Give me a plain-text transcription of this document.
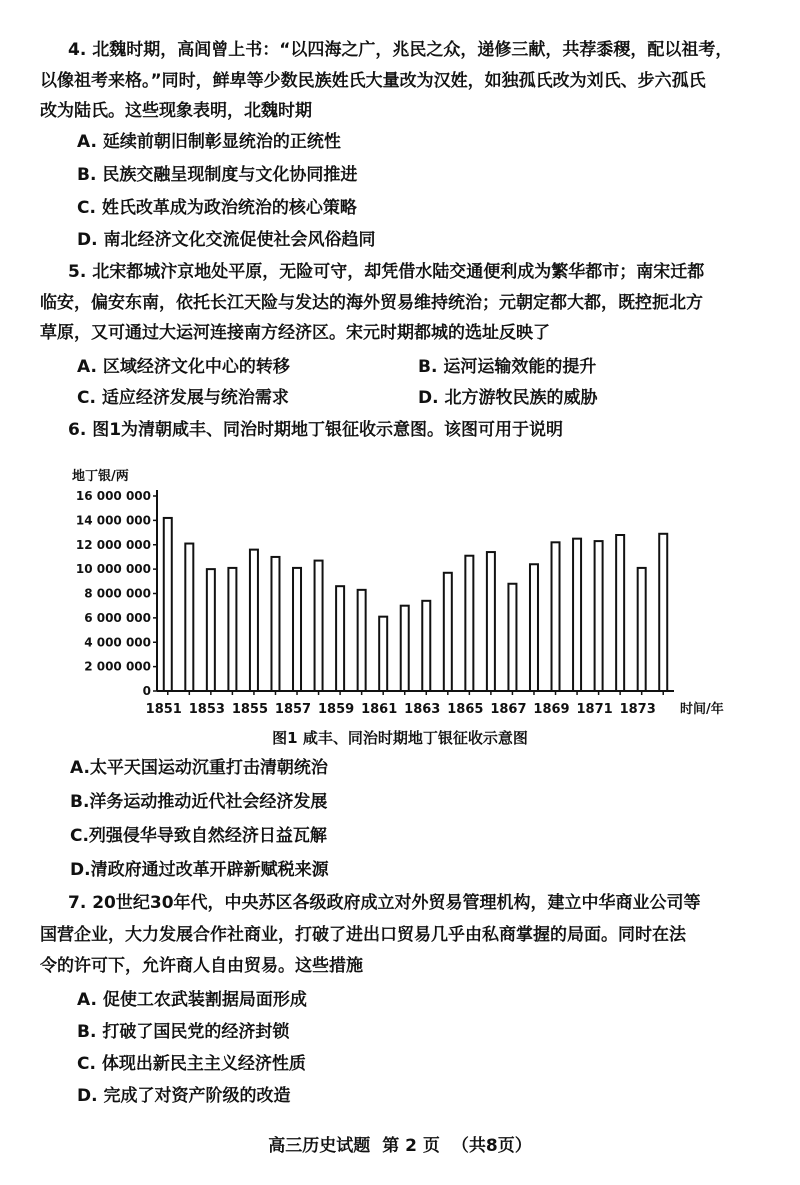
4. 北魏时期，高闾曾上书：“以四海之广，兆民之众，递修三献，共荐黍稷，配以祖考，
以像祖考来格。”同时，鲜卑等少数民族姓氏大量改为汉姓，如独孤氏改为刘氏、步六孤氏
改为陆氏。这些现象表明，北魏时期
A. 延续前朝旧制彰显统治的正统性
B. 民族交融呈现制度与文化协同推进
C. 姓氏改革成为政治统治的核心策略
D. 南北经济文化交流促使社会风俗趋同
5. 北宋都城汴京地处平原，无险可守，却凭借水陆交通便利成为繁华都市；南宋迁都
临安，偏安东南，依托长江天险与发达的海外贸易维持统治；元朝定都大都，既控扼北方
草原，又可通过大运河连接南方经济区。宋元时期都城的选址反映了
A. 区域经济文化中心的转移	B. 运河运输效能的提升
C. 适应经济发展与统治需求	D. 北方游牧民族的威胁
6. 图1为清朝咸丰、同治时期地丁银征收示意图。该图可用于说明
地丁银/两
0
2 000 000
4 000 000
6 000 000
8 000 000
10 000 000
12 000 000
14 000 000
16 000 000
1851 1853 1855 1857 1859 1861 1863 1865 1867 1869 1871 1873 时间/年
图1 咸丰、同治时期地丁银征收示意图
A.太平天国运动沉重打击清朝统治
B.洋务运动推动近代社会经济发展
C.列强侵华导致自然经济日益瓦解
D.清政府通过改革开辟新赋税来源
7. 20世纪30年代，中央苏区各级政府成立对外贸易管理机构，建立中华商业公司等
国营企业，大力发展合作社商业，打破了进出口贸易几乎由私商掌握的局面。同时在法
令的许可下，允许商人自由贸易。这些措施
A. 促使工农武装割据局面形成
B. 打破了国民党的经济封锁
C. 体现出新民主主义经济性质
D. 完成了对资产阶级的改造
高三历史试题 第 2 页 （共8页）
